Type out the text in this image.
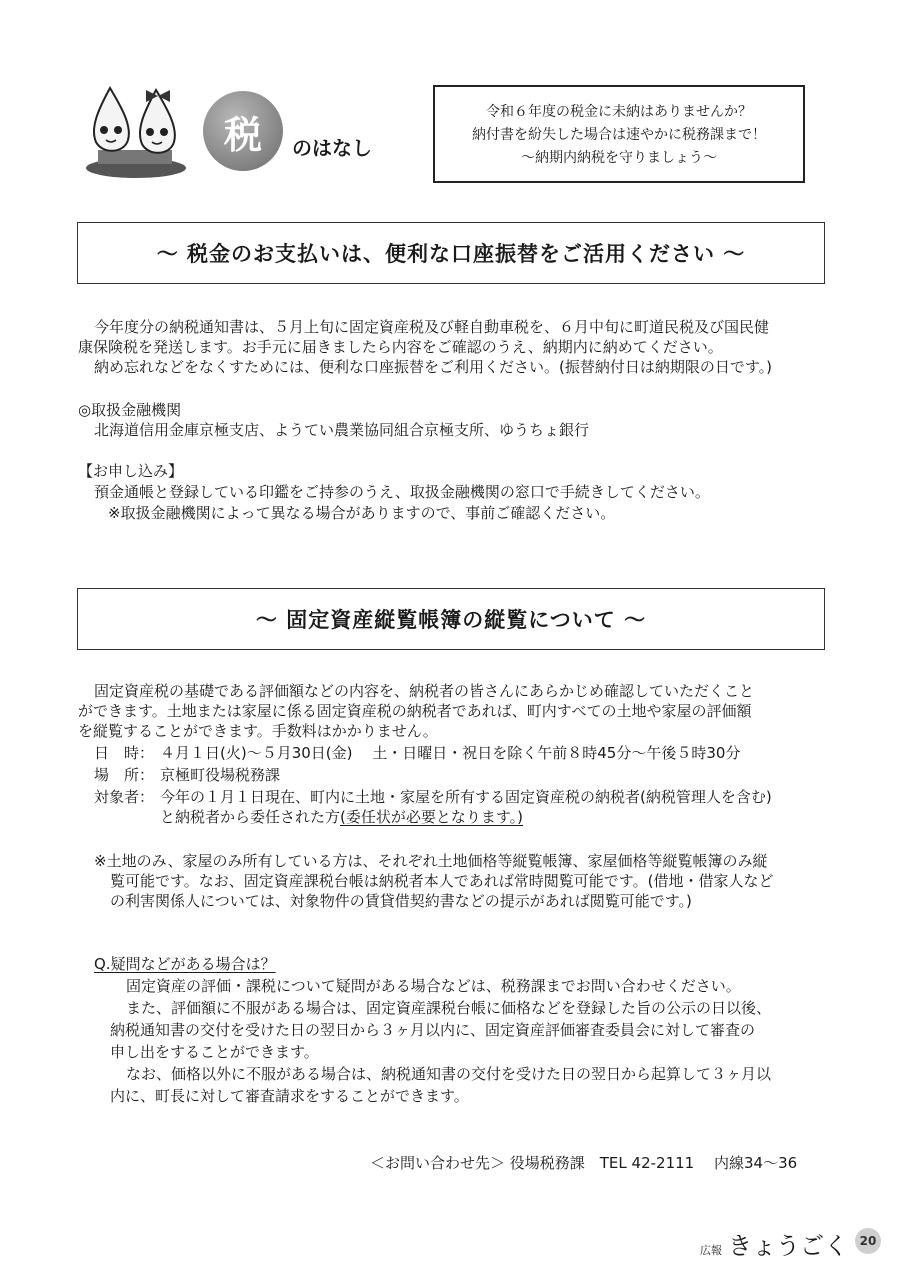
税 のはなし
令和６年度の税金に未納はありませんか？
納付書を紛失した場合は速やかに税務課まで！
～納期内納税を守りましょう～
～ 税金のお支払いは、便利な口座振替をご活用ください ～
今年度分の納税通知書は、５月上旬に固定資産税及び軽自動車税を、６月中旬に町道民税及び国民健
康保険税を発送します。お手元に届きましたら内容をご確認のうえ、納期内に納めてください。
納め忘れなどをなくすためには、便利な口座振替をご利用ください。(振替納付日は納期限の日です。)
◎取扱金融機関
北海道信用金庫京極支店、ようてい農業協同組合京極支所、ゆうちょ銀行
【お申し込み】
預金通帳と登録している印鑑をご持参のうえ、取扱金融機関の窓口で手続きしてください。
※取扱金融機関によって異なる場合がありますので、事前ご確認ください。
～ 固定資産縦覧帳簿の縦覧について ～
固定資産税の基礎である評価額などの内容を、納税者の皆さんにあらかじめ確認していただくこと
ができます。土地または家屋に係る固定資産税の納税者であれば、町内すべての土地や家屋の評価額
を縦覧することができます。手数料はかかりません。
日　時： ４月１日(火)～５月30日(金)　 土・日曜日・祝日を除く午前８時45分～午後５時30分
場　所： 京極町役場税務課
対象者： 今年の１月１日現在、町内に土地・家屋を所有する固定資産税の納税者(納税管理人を含む)
と納税者から委任された方(委任状が必要となります。)
※土地のみ、家屋のみ所有している方は、それぞれ土地価格等縦覧帳簿、家屋価格等縦覧帳簿のみ縦
覧可能です。なお、固定資産課税台帳は納税者本人であれば常時閲覧可能です。(借地・借家人など
の利害関係人については、対象物件の賃貸借契約書などの提示があれば閲覧可能です。)
Q.疑問などがある場合は？
固定資産の評価・課税について疑問がある場合などは、税務課までお問い合わせください。
また、評価額に不服がある場合は、固定資産課税台帳に価格などを登録した旨の公示の日以後、
納税通知書の交付を受けた日の翌日から３ヶ月以内に、固定資産評価審査委員会に対して審査の
申し出をすることができます。
なお、価格以外に不服がある場合は、納税通知書の交付を受けた日の翌日から起算して３ヶ月以
内に、町長に対して審査請求をすることができます。
＜お問い合わせ先＞ 役場税務課　TEL 42-2111　 内線34～36
広報 きょうごく 20
